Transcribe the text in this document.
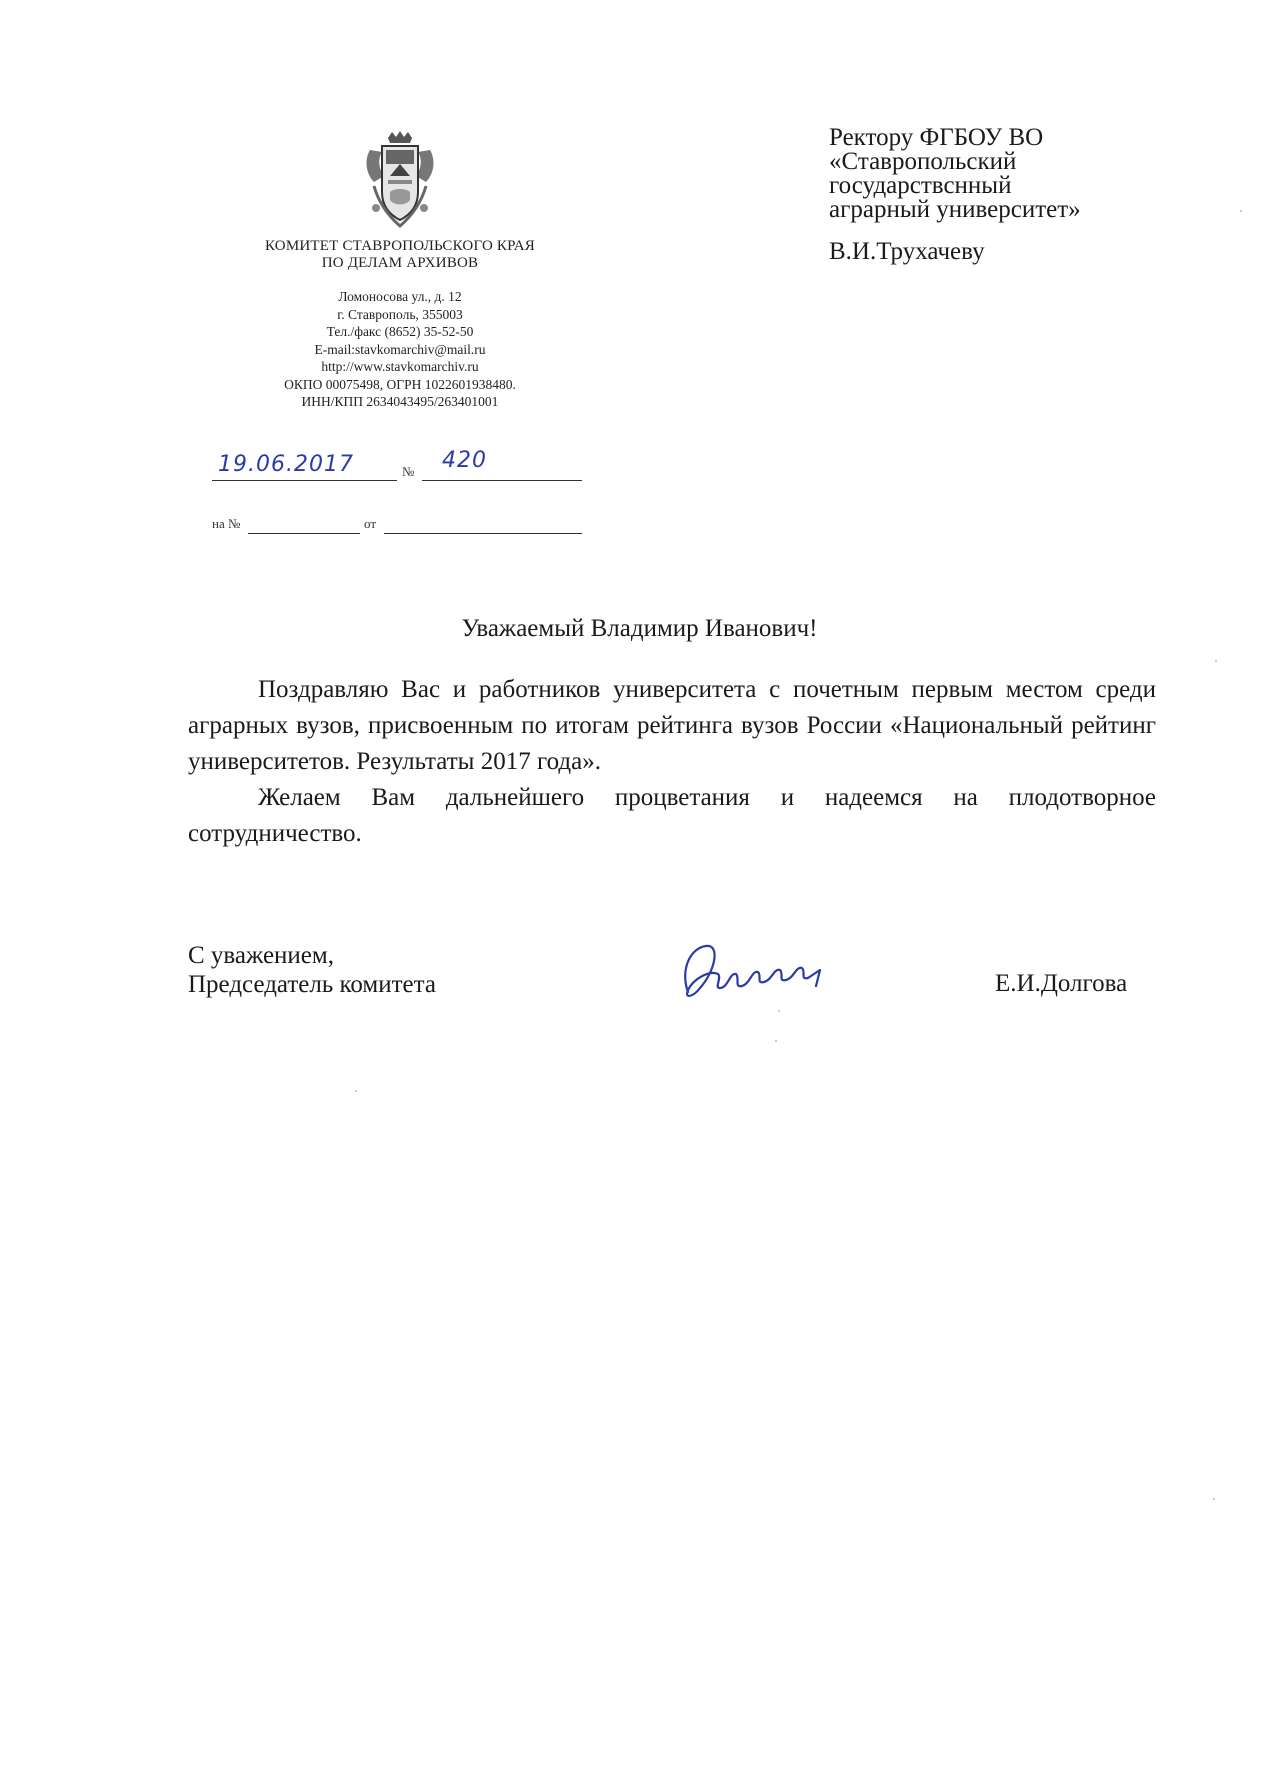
КОМИТЕТ СТАВРОПОЛЬСКОГО КРАЯ
ПО ДЕЛАМ АРХИВОВ
Ломоносова ул., д. 12
г. Ставрополь, 355003
Тел./факс (8652) 35-52-50
E-mail:stavkomarchiv@mail.ru
http://www.stavkomarchiv.ru
ОКПО 00075498, ОГРН 1022601938480.
ИНН/КПП 2634043495/263401001
19.06.2017	№ 420
на №	от
Ректору ФГБОУ ВО
«Ставропольский
государствснный
аграрный университет»
В.И.Трухачеву
Уважаемый Владимир Иванович!

Поздравляю Вас и работников университета с почетным первым местом среди аграрных вузов, присвоенным по итогам рейтинга вузов России «Национальный рейтинг университетов. Результаты 2017 года».

Желаем Вам дальнейшего процветания и надеемся на плодотворное сотрудничество.

С уважением,
Председатель комитета	Е.И.Долгова
